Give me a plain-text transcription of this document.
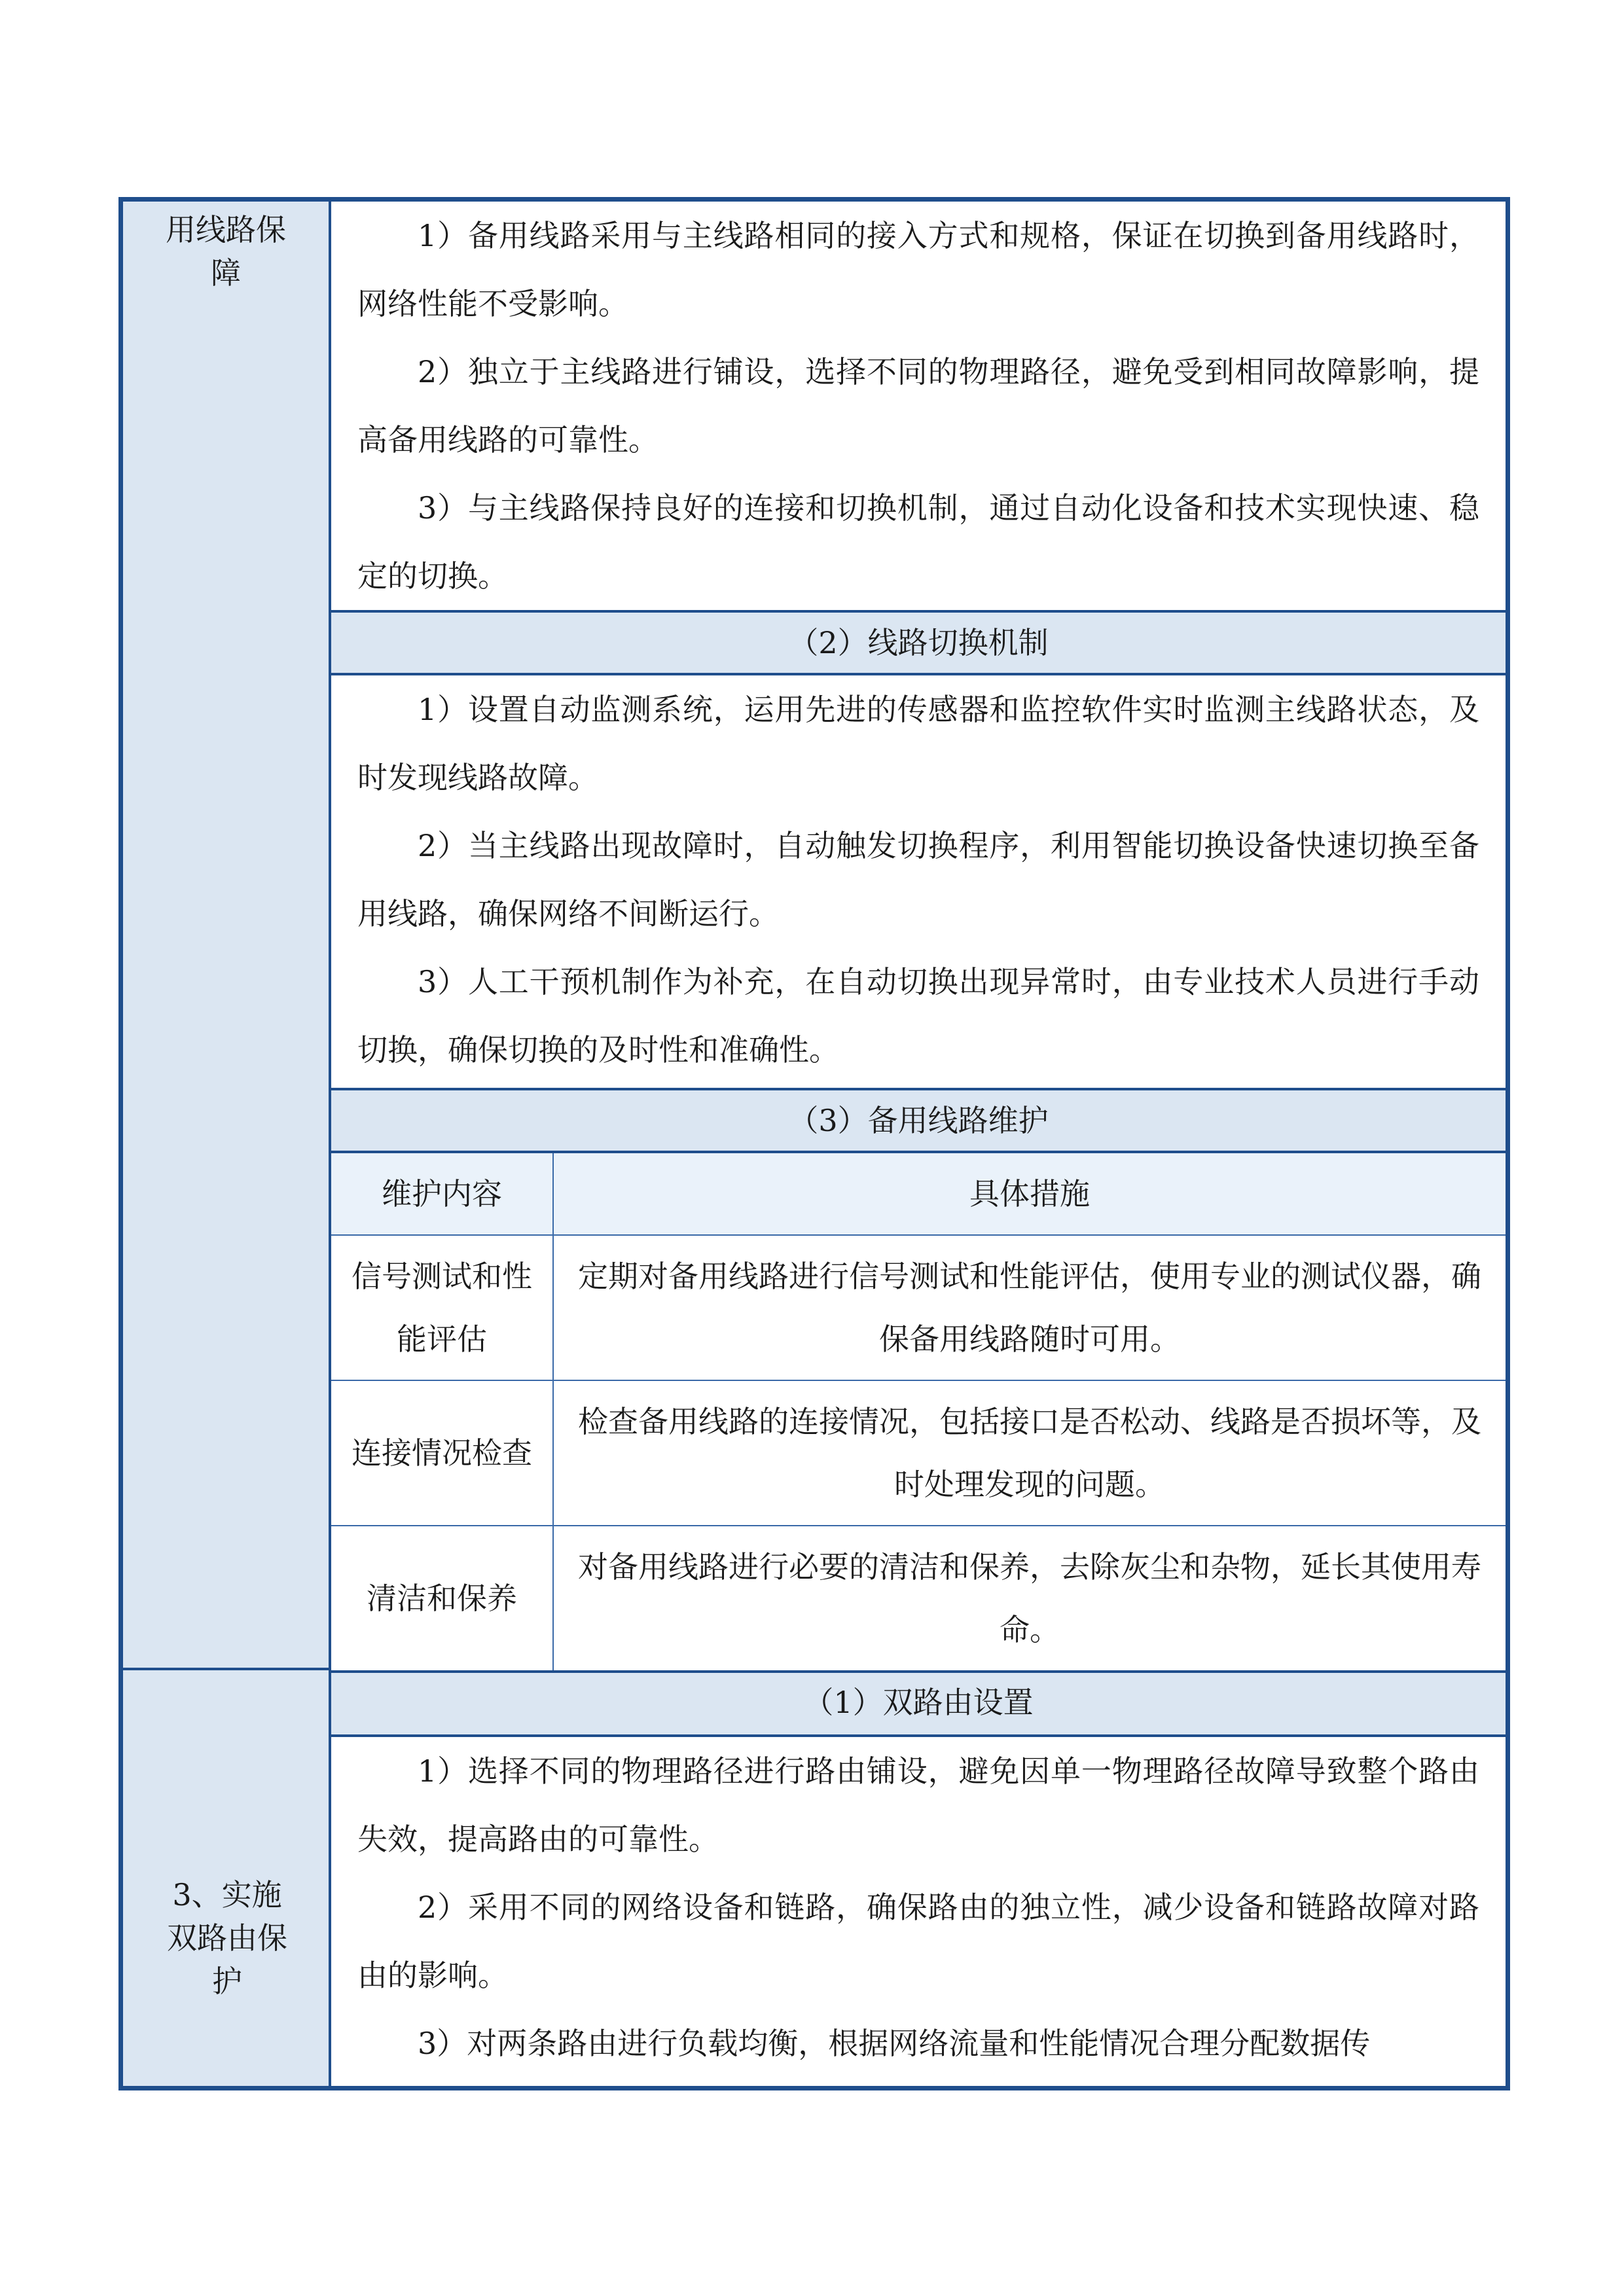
用线路保障
3、实施双路由保护

1）备用线路采用与主线路相同的接入方式和规格，保证在切换到备用线路时，网络性能不受影响。

2）独立于主线路进行铺设，选择不同的物理路径，避免受到相同故障影响，提高备用线路的可靠性。

3）与主线路保持良好的连接和切换机制，通过自动化设备和技术实现快速、稳定的切换。

（2）线路切换机制

1）设置自动监测系统，运用先进的传感器和监控软件实时监测主线路状态，及时发现线路故障。

2）当主线路出现故障时，自动触发切换程序，利用智能切换设备快速切换至备用线路，确保网络不间断运行。

3）人工干预机制作为补充，在自动切换出现异常时，由专业技术人员进行手动切换，确保切换的及时性和准确性。

（3）备用线路维护
维护内容	具体措施
信号测试和性能评估
定期对备用线路进行信号测试和性能评估，使用专业的测试仪器，确保备用线路随时可用。
连接情况检查
检查备用线路的连接情况，包括接口是否松动、线路是否损坏等，及时处理发现的问题。
清洁和保养
对备用线路进行必要的清洁和保养，去除灰尘和杂物，延长其使用寿命。
（1）双路由设置

1）选择不同的物理路径进行路由铺设，避免因单一物理路径故障导致整个路由失效，提高路由的可靠性。

2）采用不同的网络设备和链路，确保路由的独立性，减少设备和链路故障对路由的影响。

3）对两条路由进行负载均衡，根据网络流量和性能情况合理分配数据传
